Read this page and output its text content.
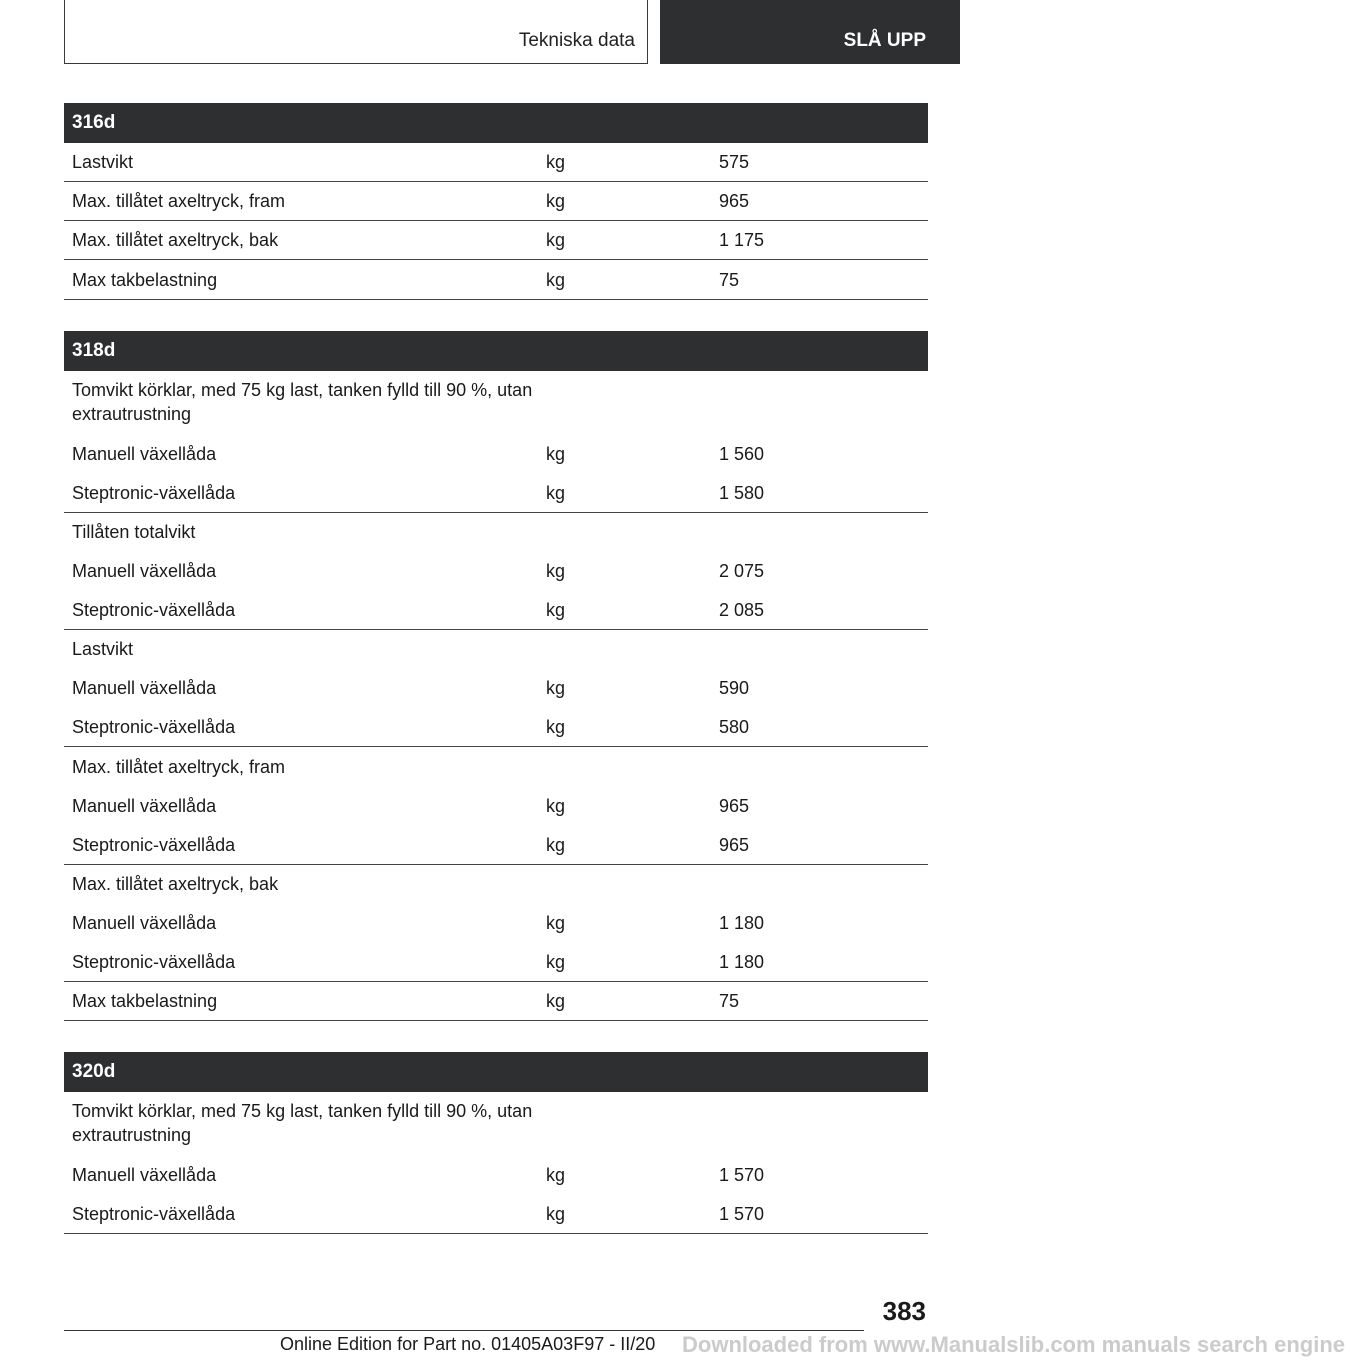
Tekniska data	SLÅ UPP
316d
Lastvikt	kg	575
Max. tillåtet axeltryck, fram	kg	965
Max. tillåtet axeltryck, bak	kg	1 175
Max takbelastning	kg	75
318d
Tomvikt körklar, med 75 kg last, tanken fylld till 90 %, utan extrautrustning
Manuell växellåda	kg	1 560
Steptronic-växellåda	kg	1 580
Tillåten totalvikt
Manuell växellåda	kg	2 075
Steptronic-växellåda	kg	2 085
Lastvikt
Manuell växellåda	kg	590
Steptronic-växellåda	kg	580
Max. tillåtet axeltryck, fram
Manuell växellåda	kg	965
Steptronic-växellåda	kg	965
Max. tillåtet axeltryck, bak
Manuell växellåda	kg	1 180
Steptronic-växellåda	kg	1 180
Max takbelastning	kg	75
320d
Tomvikt körklar, med 75 kg last, tanken fylld till 90 %, utan extrautrustning
Manuell växellåda	kg	1 570
Steptronic-växellåda	kg	1 570
383
Online Edition for Part no. 01405A03F97 - II/20 Downloaded from www.Manualslib.com manuals search engine
